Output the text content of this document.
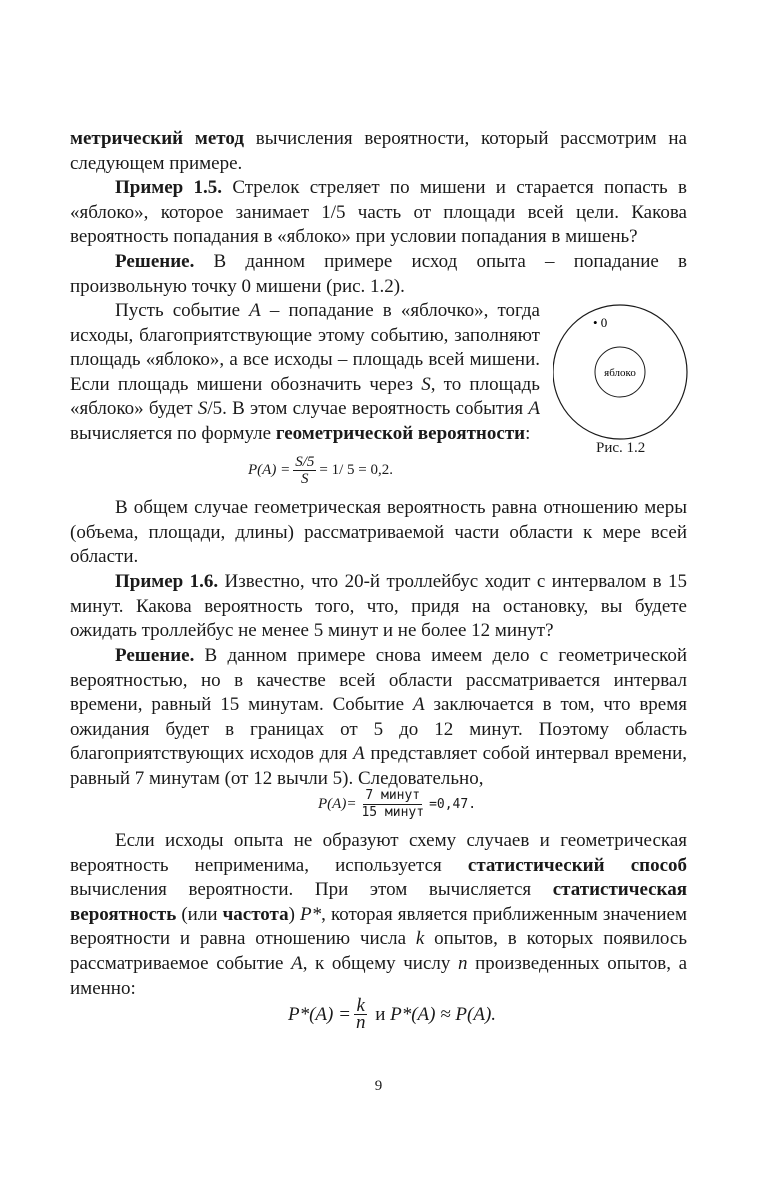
метрический метод вычисления вероятности, который рассмотрим на следующем примере.

Пример 1.5. Стрелок стреляет по мишени и старается попасть в «яблоко», которое занимает 1/5 часть от площади всей цели. Какова вероятность попадания в «яблоко» при условии попадания в мишень?

Решение. В данном примере исход опыта – попадание в произвольную точку 0 мишени (рис. 1.2).

Пусть событие A – попадание в «яблочко», тогда исходы, благоприятствующие этому событию, заполняют площадь «яблоко», а все исходы – площадь всей мишени. Если площадь мишени обозначить через S, то площадь «яблоко» будет S/5. В этом случае вероятность события A вычисляется по формуле геометрической вероятности:

• 0
яблоко
Рис. 1.2
$P(A) = \frac{S/5}{S} = 1/$ 5 = 0,2.

В общем случае геометрическая вероятность равна отношению меры (объема, площади, длины) рассматриваемой части области к мере всей области.

Пример 1.6. Известно, что 20-й троллейбус ходит с интервалом в 15 минут. Какова вероятность того, что, придя на остановку, вы будете ожидать троллейбус не менее 5 минут и не более 12 минут?

Решение. В данном примере снова имеем дело с геометрической вероятностью, но в качестве всей области рассматривается интервал времени, равный 15 минутам. Событие A заключается в том, что время ожидания будет в границах от 5 до 12 минут. Поэтому область благоприятствующих исходов для A представляет собой интервал времени, равный 7 минутам (от 12 вычли 5). Следовательно,

$P(A)= \frac{\text{7 минут}}{\text{15 минут}} =0,47$.

Если исходы опыта не образуют схему случаев и геометрическая вероятность неприменима, используется статистический способ вычисления вероятности. При этом вычисляется статистическая вероятность (или частота) P*, которая является приближенным значением вероятности и равна отношению числа k опытов, в которых появилось рассматриваемое событие A, к общему числу n произведенных опытов, а именно:

$P*(A) = \frac{k}{n}$ и P*(A) ≈ P(A).
9
